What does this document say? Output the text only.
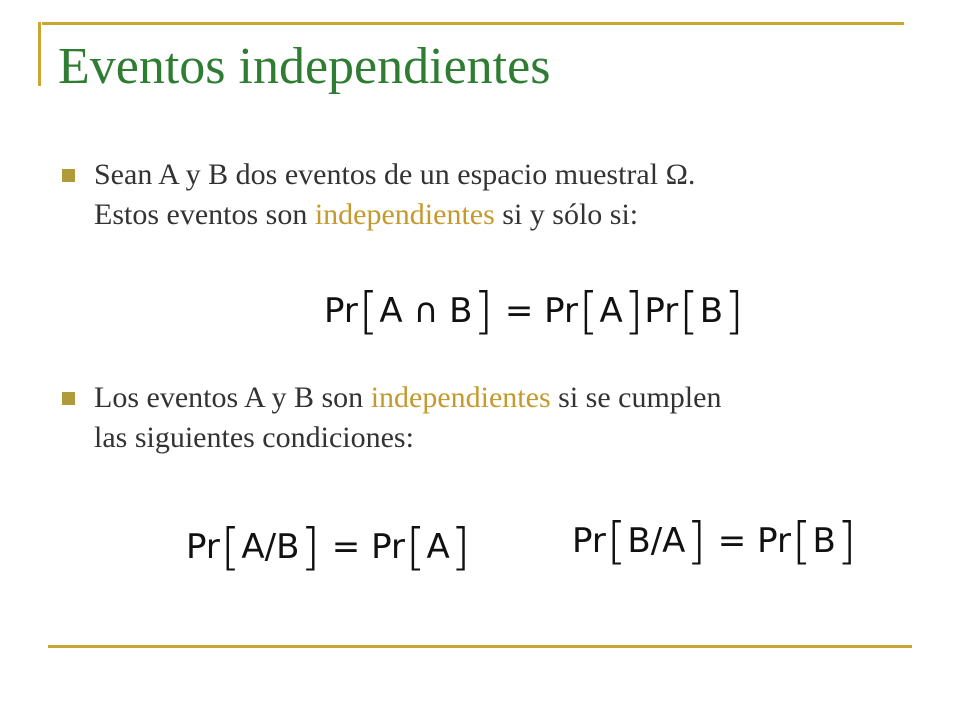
Eventos independientes

Sean A y B dos eventos de un espacio muestral Ω.
Estos eventos son independientes si y sólo si:

Pr[A ∩ B] = Pr[A]Pr[B]

Los eventos A y B son independientes si se cumplen
las siguientes condiciones:

Pr[A/B] = Pr[A]	Pr[B/A] = Pr[B]
